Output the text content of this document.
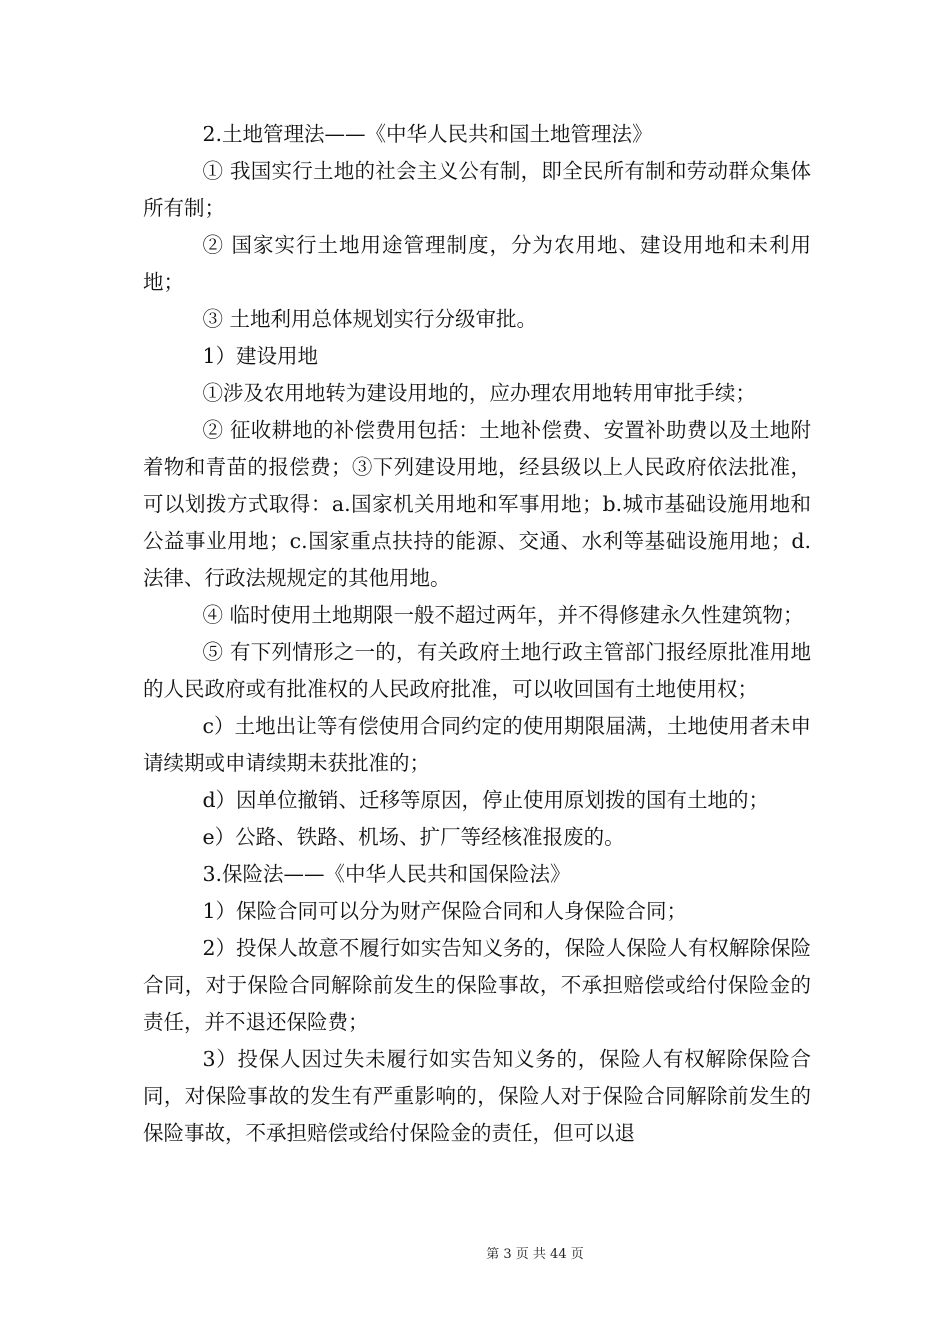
2.土地管理法——《中华人民共和国土地管理法》

① 我国实行土地的社会主义公有制，即全民所有制和劳动群众集体所有制；

② 国家实行土地用途管理制度，分为农用地、建设用地和未利用地；

③ 土地利用总体规划实行分级审批。

1）建设用地

①涉及农用地转为建设用地的，应办理农用地转用审批手续；

② 征收耕地的补偿费用包括：土地补偿费、安置补助费以及土地附着物和青苗的报偿费；③下列建设用地，经县级以上人民政府依法批准，可以划拨方式取得：a.国家机关用地和军事用地；b.城市基础设施用地和公益事业用地；c.国家重点扶持的能源、交通、水利等基础设施用地；d.法律、行政法规规定的其他用地。

④ 临时使用土地期限一般不超过两年，并不得修建永久性建筑物；

⑤ 有下列情形之一的，有关政府土地行政主管部门报经原批准用地的人民政府或有批准权的人民政府批准，可以收回国有土地使用权；

c）土地出让等有偿使用合同约定的使用期限届满，土地使用者未申请续期或申请续期未获批准的；

d）因单位撤销、迁移等原因，停止使用原划拨的国有土地的；

e）公路、铁路、机场、扩厂等经核准报废的。

3.保险法——《中华人民共和国保险法》

1）保险合同可以分为财产保险合同和人身保险合同；

2）投保人故意不履行如实告知义务的，保险人保险人有权解除保险合同，对于保险合同解除前发生的保险事故，不承担赔偿或给付保险金的责任，并不退还保险费；

3）投保人因过失未履行如实告知义务的，保险人有权解除保险合同，对保险事故的发生有严重影响的，保险人对于保险合同解除前发生的保险事故，不承担赔偿或给付保险金的责任，但可以退

第 3 页 共 44 页
